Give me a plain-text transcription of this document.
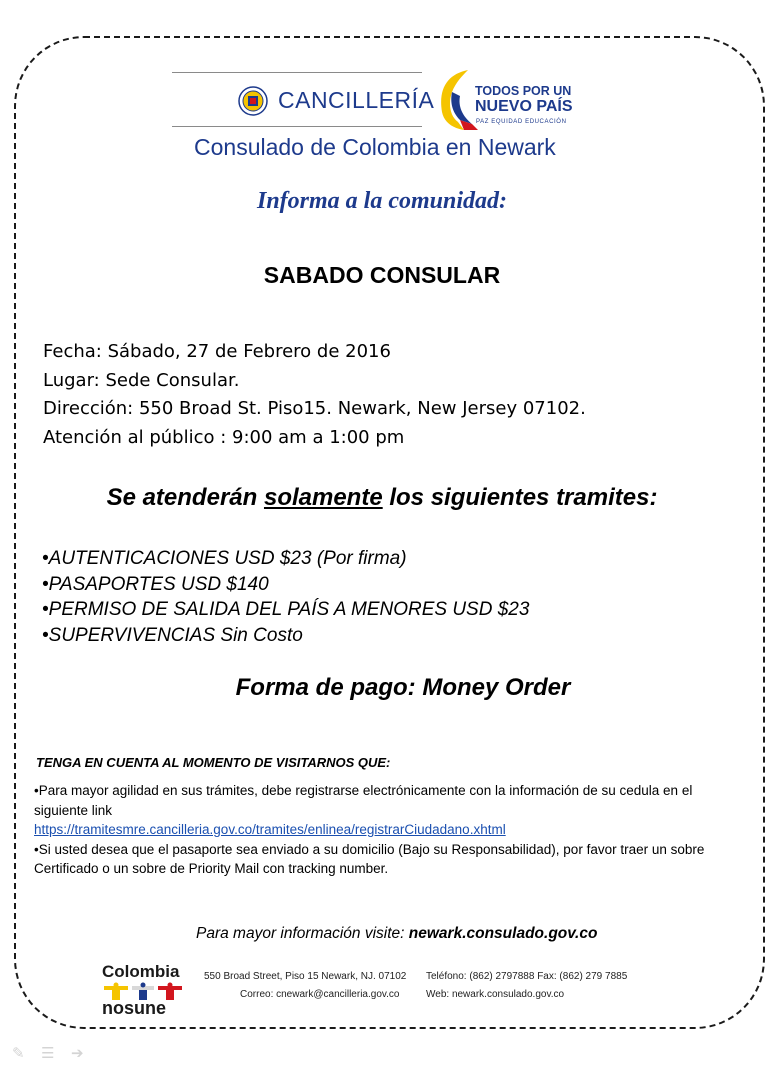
CANCILLERÍA
Consulado de Colombia en Newark
TODOS POR UN
NUEVO PAÍS
PAZ EQUIDAD EDUCACIÓN
Informa a la comunidad:
SABADO CONSULAR
Fecha: Sábado, 27 de Febrero de 2016
Lugar: Sede Consular.
Dirección: 550 Broad St. Piso15. Newark, New Jersey 07102.
Atención al público : 9:00 am a 1:00 pm
Se atenderán solamente los siguientes tramites:
•AUTENTICACIONES USD $23 (Por firma)
•PASAPORTES USD $140
•PERMISO DE SALIDA DEL PAÍS A MENORES USD $23
•SUPERVIVENCIAS Sin Costo
Forma de pago: Money Order
TENGA EN CUENTA AL MOMENTO DE VISITARNOS QUE:
•Para mayor agilidad en sus trámites, debe registrarse electrónicamente con la información de su cedula en el siguiente link
https://tramitesmre.cancilleria.gov.co/tramites/enlinea/registrarCiudadano.xhtml
•Si usted desea que el pasaporte sea enviado a su domicilio (Bajo su Responsabilidad), por favor traer un sobre Certificado o un sobre de Priority Mail con tracking number.
Para mayor información visite: newark.consulado.gov.co
Colombia
nosune
550 Broad Street, Piso 15 Newark, NJ. 07102 Teléfono: (862) 2797888 Fax: (862) 279 7885
Correo: cnewark@cancilleria.gov.co	Web: newark.consulado.gov.co
✎ ☰ ➔
